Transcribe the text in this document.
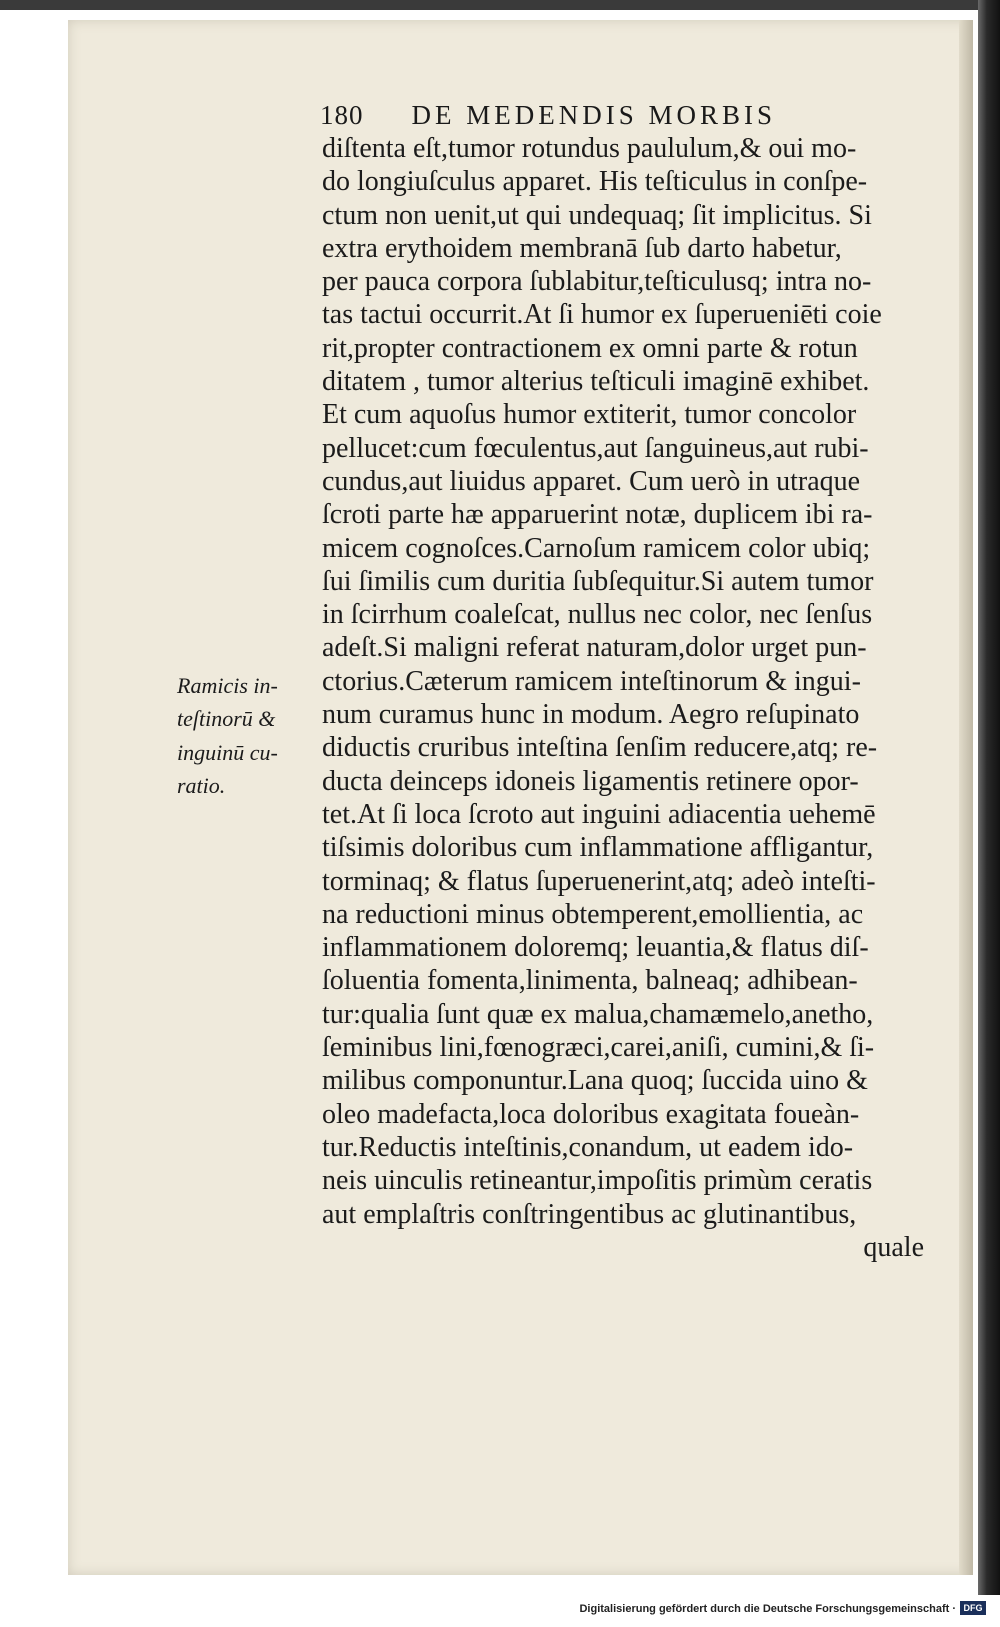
180 DE MEDENDIS MORBIS
diſtenta eſt,tumor rotundus paululum,& oui mo-
do longiuſculus apparet. His teſticulus in conſpe-
ctum non uenit,ut qui undequaq; ſit implicitus. Si
extra erythoidem membranā ſub darto habetur,
per pauca corpora ſublabitur,teſticulusq; intra no-
tas tactui occurrit.At ſi humor ex ſuperueniēti coie
rit,propter contractionem ex omni parte & rotun
ditatem , tumor alterius teſticuli imaginē exhibet.
Et cum aquoſus humor extiterit, tumor concolor
pellucet:cum fœculentus,aut ſanguineus,aut rubi-
cundus,aut liuidus apparet. Cum uerò in utraque
ſcroti parte hæ apparuerint notæ, duplicem ibi ra-
micem cognoſces.Carnoſum ramicem color ubiq;
ſui ſimilis cum duritia ſubſequitur.Si autem tumor
in ſcirrhum coaleſcat, nullus nec color, nec ſenſus
adeſt.Si maligni referat naturam,dolor urget pun-
ctorius.Cæterum ramicem inteſtinorum & ingui-
num curamus hunc in modum. Aegro reſupinato
diductis cruribus inteſtina ſenſim reducere,atq; re-
ducta deinceps idoneis ligamentis retinere opor-
tet.At ſi loca ſcroto aut inguini adiacentia uehemē
tiſsimis doloribus cum inflammatione affligantur,
torminaq; & flatus ſuperuenerint,atq; adeò inteſti-
na reductioni minus obtemperent,emollientia, ac
inflammationem doloremq; leuantia,& flatus diſ-
ſoluentia fomenta,linimenta, balneaq; adhibean-
tur:qualia ſunt quæ ex malua,chamæmelo,anetho,
ſeminibus lini,fœnogræci,carei,aniſi, cumini,& ſi-
milibus componuntur.Lana quoq; ſuccida uino &
oleo madefacta,loca doloribus exagitata foueàn-
tur.Reductis inteſtinis,conandum, ut eadem ido-
neis uinculis retineantur,impoſitis primùm ceratis
aut emplaſtris conſtringentibus ac glutinantibus,
quale
Ramicis in-
teſtinorū &
inguinū cu-
ratio.
Digitalisierung gefördert durch die Deutsche Forschungsgemeinschaft · DFG
